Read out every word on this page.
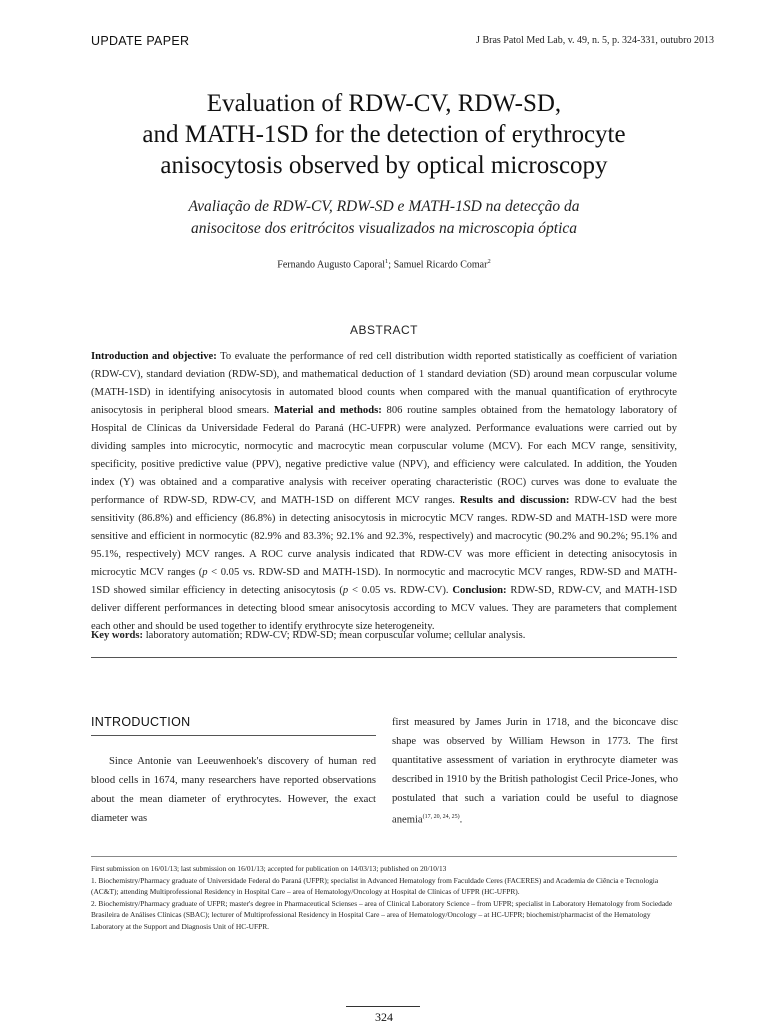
UPDATE PAPER	J Bras Patol Med Lab, v. 49, n. 5, p. 324-331, outubro 2013
Evaluation of RDW-CV, RDW-SD,
and MATH-1SD for the detection of erythrocyte
anisocytosis observed by optical microscopy
Avaliação de RDW-CV, RDW-SD e MATH-1SD na detecção da
anisocitose dos eritrócitos visualizados na microscopia óptica
Fernando Augusto Caporal$^1$; Samuel Ricardo Comar$^2$
ABSTRACT
Introduction and objective: To evaluate the performance of red cell distribution width reported statistically as coefficient of variation (RDW-CV), standard deviation (RDW-SD), and mathematical deduction of 1 standard deviation (SD) around mean corpuscular volume (MATH-1SD) in identifying anisocytosis in automated blood counts when compared with the manual quantification of erythrocyte anisocytosis in peripheral blood smears. Material and methods: 806 routine samples obtained from the hematology laboratory of Hospital de Clínicas da Universidade Federal do Paraná (HC-UFPR) were analyzed. Performance evaluations were carried out by dividing samples into microcytic, normocytic and macrocytic mean corpuscular volume (MCV). For each MCV range, sensitivity, specificity, positive predictive value (PPV), negative predictive value (NPV), and efficiency were calculated. In addition, the Youden index (Y) was obtained and a comparative analysis with receiver operating characteristic (ROC) curves was done to evaluate the performance of RDW-SD, RDW-CV, and MATH-1SD on different MCV ranges. Results and discussion: RDW-CV had the best sensitivity (86.8%) and efficiency (86.8%) in detecting anisocytosis in microcytic MCV ranges. RDW-SD and MATH-1SD were more sensitive and efficient in normocytic (82.9% and 83.3%; 92.1% and 92.3%, respectively) and macrocytic (90.2% and 90.2%; 95.1% and 95.1%, respectively) MCV ranges. A ROC curve analysis indicated that RDW-CV was more efficient in detecting anisocytosis in microcytic MCV ranges (p < 0.05 vs. RDW-SD and MATH-1SD). In normocytic and macrocytic MCV ranges, RDW-SD and MATH-1SD showed similar efficiency in detecting anisocytosis (p < 0.05 vs. RDW-CV). Conclusion: RDW-SD, RDW-CV, and MATH-1SD deliver different performances in detecting blood smear anisocytosis according to MCV values. They are parameters that complement each other and should be used together to identify erythrocyte size heterogeneity.
Key words: laboratory automation; RDW-CV; RDW-SD; mean corpuscular volume; cellular analysis.
INTRODUCTION
Since Antonie van Leeuwenhoek's discovery of human red blood cells in 1674, many researchers have reported observations about the mean diameter of erythrocytes. However, the exact diameter was
first measured by James Jurin in 1718, and the biconcave disc shape was observed by William Hewson in 1773. The first quantitative assessment of variation in erythrocyte diameter was described in 1910 by the British pathologist Cecil Price-Jones, who postulated that such a variation could be useful to diagnose anemia$^{(17, 20, 24, 25)}$.

First submission on 16/01/13; last submission on 16/01/13; accepted for publication on 14/03/13; published on 20/10/13

1. Biochemistry/Pharmacy graduate of Universidade Federal do Paraná (UFPR); specialist in Advanced Hematology from Faculdade Ceres (FACERES) and Academia de Ciência e Tecnologia (AC&T); attending Multiprofessional Residency in Hospital Care – area of Hematology/Oncology at Hospital de Clínicas of UFPR (HC-UFPR).

2. Biochemistry/Pharmacy graduate of UFPR; master's degree in Pharmaceutical Scienses – area of Clinical Laboratory Science – from UFPR; specialist in Laboratory Hematology from Sociedade Brasileira de Análises Clínicas (SBAC); lecturer of Multiprofessional Residency in Hospital Care – area of Hematology/Oncology – at HC-UFPR; biochemist/pharmacist of the Hematology Laboratory at the Support and Diagnosis Unit of HC-UFPR.

324
